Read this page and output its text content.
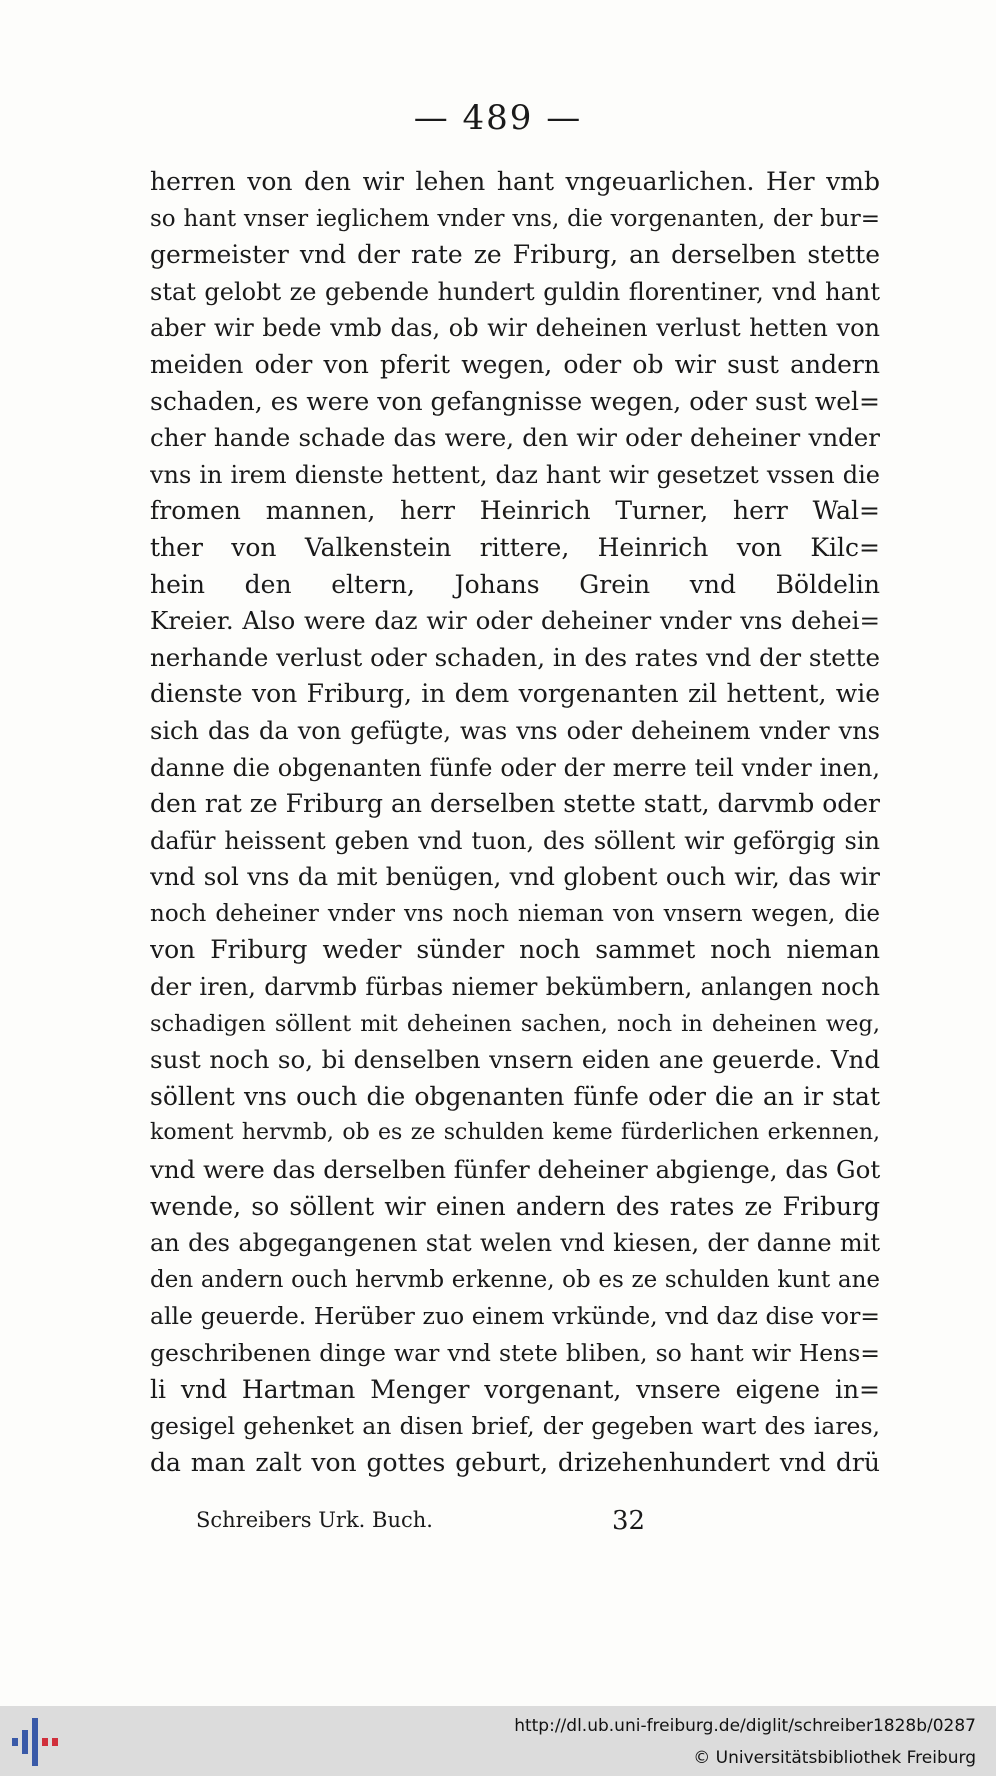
— 489 —
herren von den wir lehen hant vngeuarlichen. Her vmb
so hant vnser ieglichem vnder vns, die vorgenanten, der bur=
germeister vnd der rate ze Friburg, an derselben stette
stat gelobt ze gebende hundert guldin florentiner, vnd hant
aber wir bede vmb das, ob wir deheinen verlust hetten von
meiden oder von pferit wegen, oder ob wir sust andern
schaden, es were von gefangnisse wegen, oder sust wel=
cher hande schade das were, den wir oder deheiner vnder
vns in irem dienste hettent, daz hant wir gesetzet vssen die
fromen mannen, herr Heinrich Turner, herr Wal=
ther von Valkenstein rittere, Heinrich von Kilc=
hein den eltern, Johans Grein vnd Böldelin
Kreier. Also were daz wir oder deheiner vnder vns dehei=
nerhande verlust oder schaden, in des rates vnd der stette
dienste von Friburg, in dem vorgenanten zil hettent, wie
sich das da von gefügte, was vns oder deheinem vnder vns
danne die obgenanten fünfe oder der merre teil vnder inen,
den rat ze Friburg an derselben stette statt, darvmb oder
dafür heissent geben vnd tuon, des söllent wir geförgig sin
vnd sol vns da mit benügen, vnd globent ouch wir, das wir
noch deheiner vnder vns noch nieman von vnsern wegen, die
von Friburg weder sünder noch sammet noch nieman
der iren, darvmb fürbas niemer bekümbern, anlangen noch
schadigen söllent mit deheinen sachen, noch in deheinen weg,
sust noch so, bi denselben vnsern eiden ane geuerde. Vnd
söllent vns ouch die obgenanten fünfe oder die an ir stat
koment hervmb, ob es ze schulden keme fürderlichen erkennen,
vnd were das derselben fünfer deheiner abgienge, das Got
wende, so söllent wir einen andern des rates ze Friburg
an des abgegangenen stat welen vnd kiesen, der danne mit
den andern ouch hervmb erkenne, ob es ze schulden kunt ane
alle geuerde. Herüber zuo einem vrkünde, vnd daz dise vor=
geschribenen dinge war vnd stete bliben, so hant wir Hens=
li vnd Hartman Menger vorgenant, vnsere eigene in=
gesigel gehenket an disen brief, der gegeben wart des iares,
da man zalt von gottes geburt, drizehenhundert vnd drü
Schreibers Urk. Buch.	32
http://dl.ub.uni-freiburg.de/diglit/schreiber1828b/0287
© Universitätsbibliothek Freiburg
